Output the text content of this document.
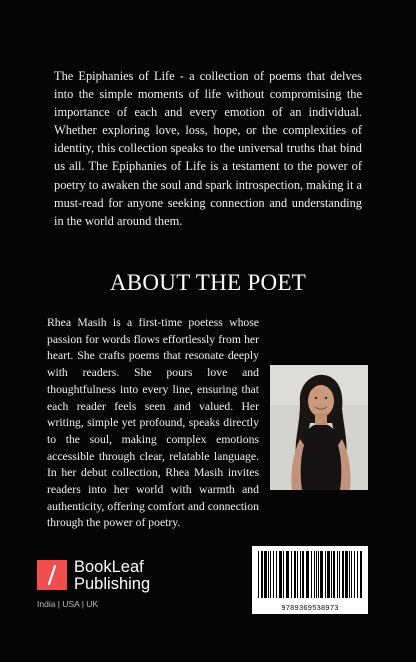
The Epiphanies of Life - a collection of poems that delves into the simple moments of life without compromising the importance of each and every emotion of an individual. Whether exploring love, loss, hope, or the complexities of identity, this collection speaks to the universal truths that bind us all. The Epiphanies of Life is a testament to the power of poetry to awaken the soul and spark introspection, making it a must-read for anyone seeking connection and understanding in the world around them.

ABOUT THE POET

Rhea Masih is a first-time poetess whose passion for words flows effortlessly from her heart. She crafts poems that resonate deeply with readers. She pours love and thoughtfulness into every line, ensuring that each reader feels seen and valued. Her writing, simple yet profound, speaks directly to the soul, making complex emotions accessible through clear, relatable language. In her debut collection, Rhea Masih invites readers into her world with warmth and authenticity, offering comfort and connection through the power of poetry.

BookLeaf
Publishing
India | USA | UK	9789369538973
